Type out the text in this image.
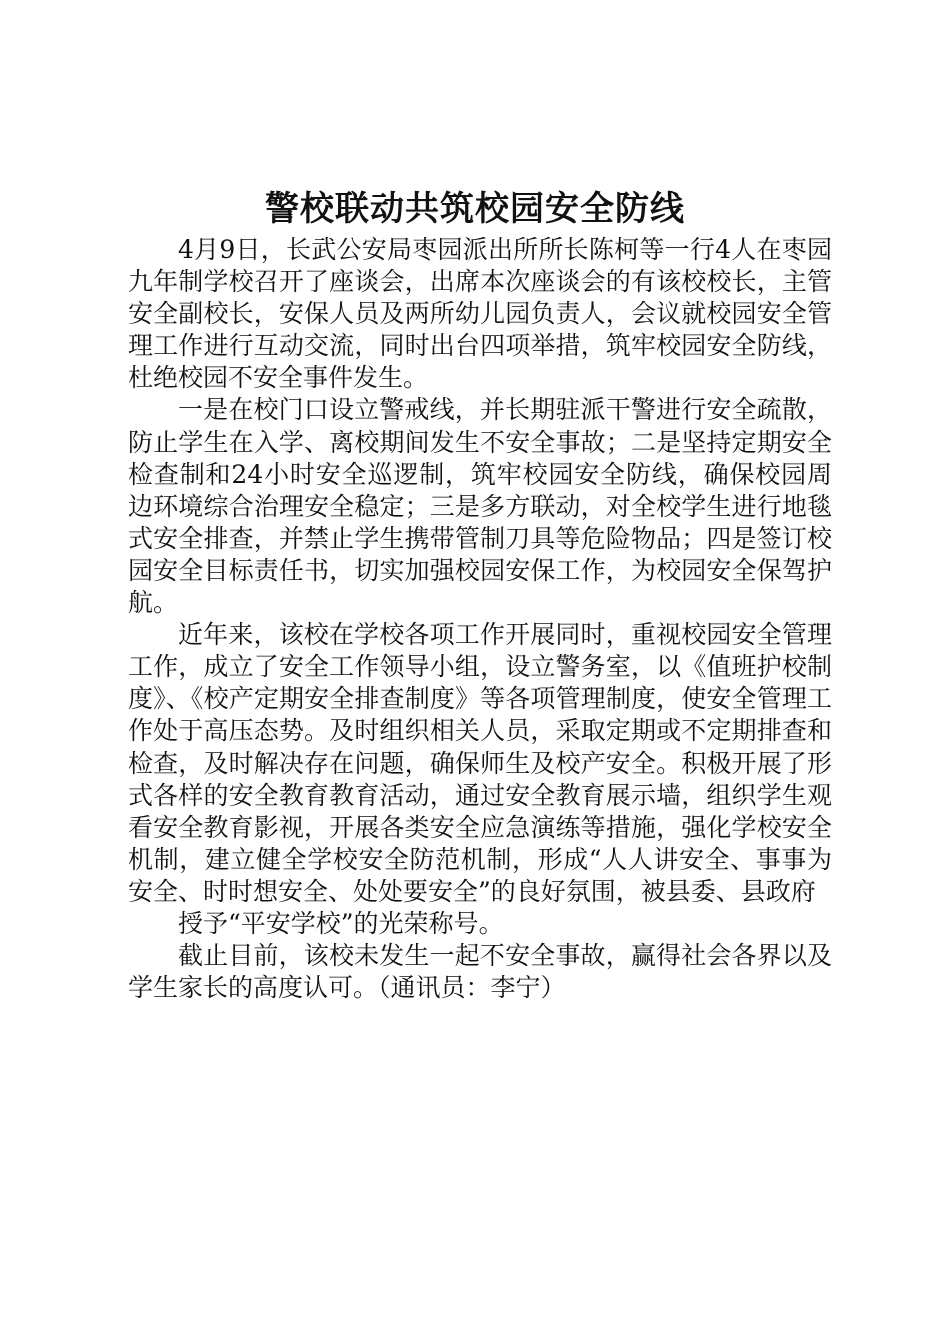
警校联动共筑校园安全防线

4月9日，长武公安局枣园派出所所长陈柯等一行4人在枣园九年制学校召开了座谈会，出席本次座谈会的有该校校长，主管安全副校长，安保人员及两所幼儿园负责人，会议就校园安全管理工作进行互动交流，同时出台四项举措，筑牢校园安全防线，杜绝校园不安全事件发生。

一是在校门口设立警戒线，并长期驻派干警进行安全疏散，防止学生在入学、离校期间发生不安全事故；二是坚持定期安全检查制和24小时安全巡逻制，筑牢校园安全防线，确保校园周边环境综合治理安全稳定；三是多方联动，对全校学生进行地毯式安全排查，并禁止学生携带管制刀具等危险物品；四是签订校园安全目标责任书，切实加强校园安保工作，为校园安全保驾护航。

近年来，该校在学校各项工作开展同时，重视校园安全管理工作，成立了安全工作领导小组，设立警务室，以《值班护校制度》、《校产定期安全排查制度》等各项管理制度，使安全管理工作处于高压态势。及时组织相关人员，采取定期或不定期排查和检查，及时解决存在问题，确保师生及校产安全。积极开展了形式各样的安全教育教育活动，通过安全教育展示墙，组织学生观看安全教育影视，开展各类安全应急演练等措施，强化学校安全机制，建立健全学校安全防范机制，形成“人人讲安全、事事为安全、时时想安全、处处要安全”的良好氛围，被县委、县政府

授予“平安学校”的光荣称号。

截止目前，该校未发生一起不安全事故，赢得社会各界以及学生家长的高度认可。（通讯员：李宁）
